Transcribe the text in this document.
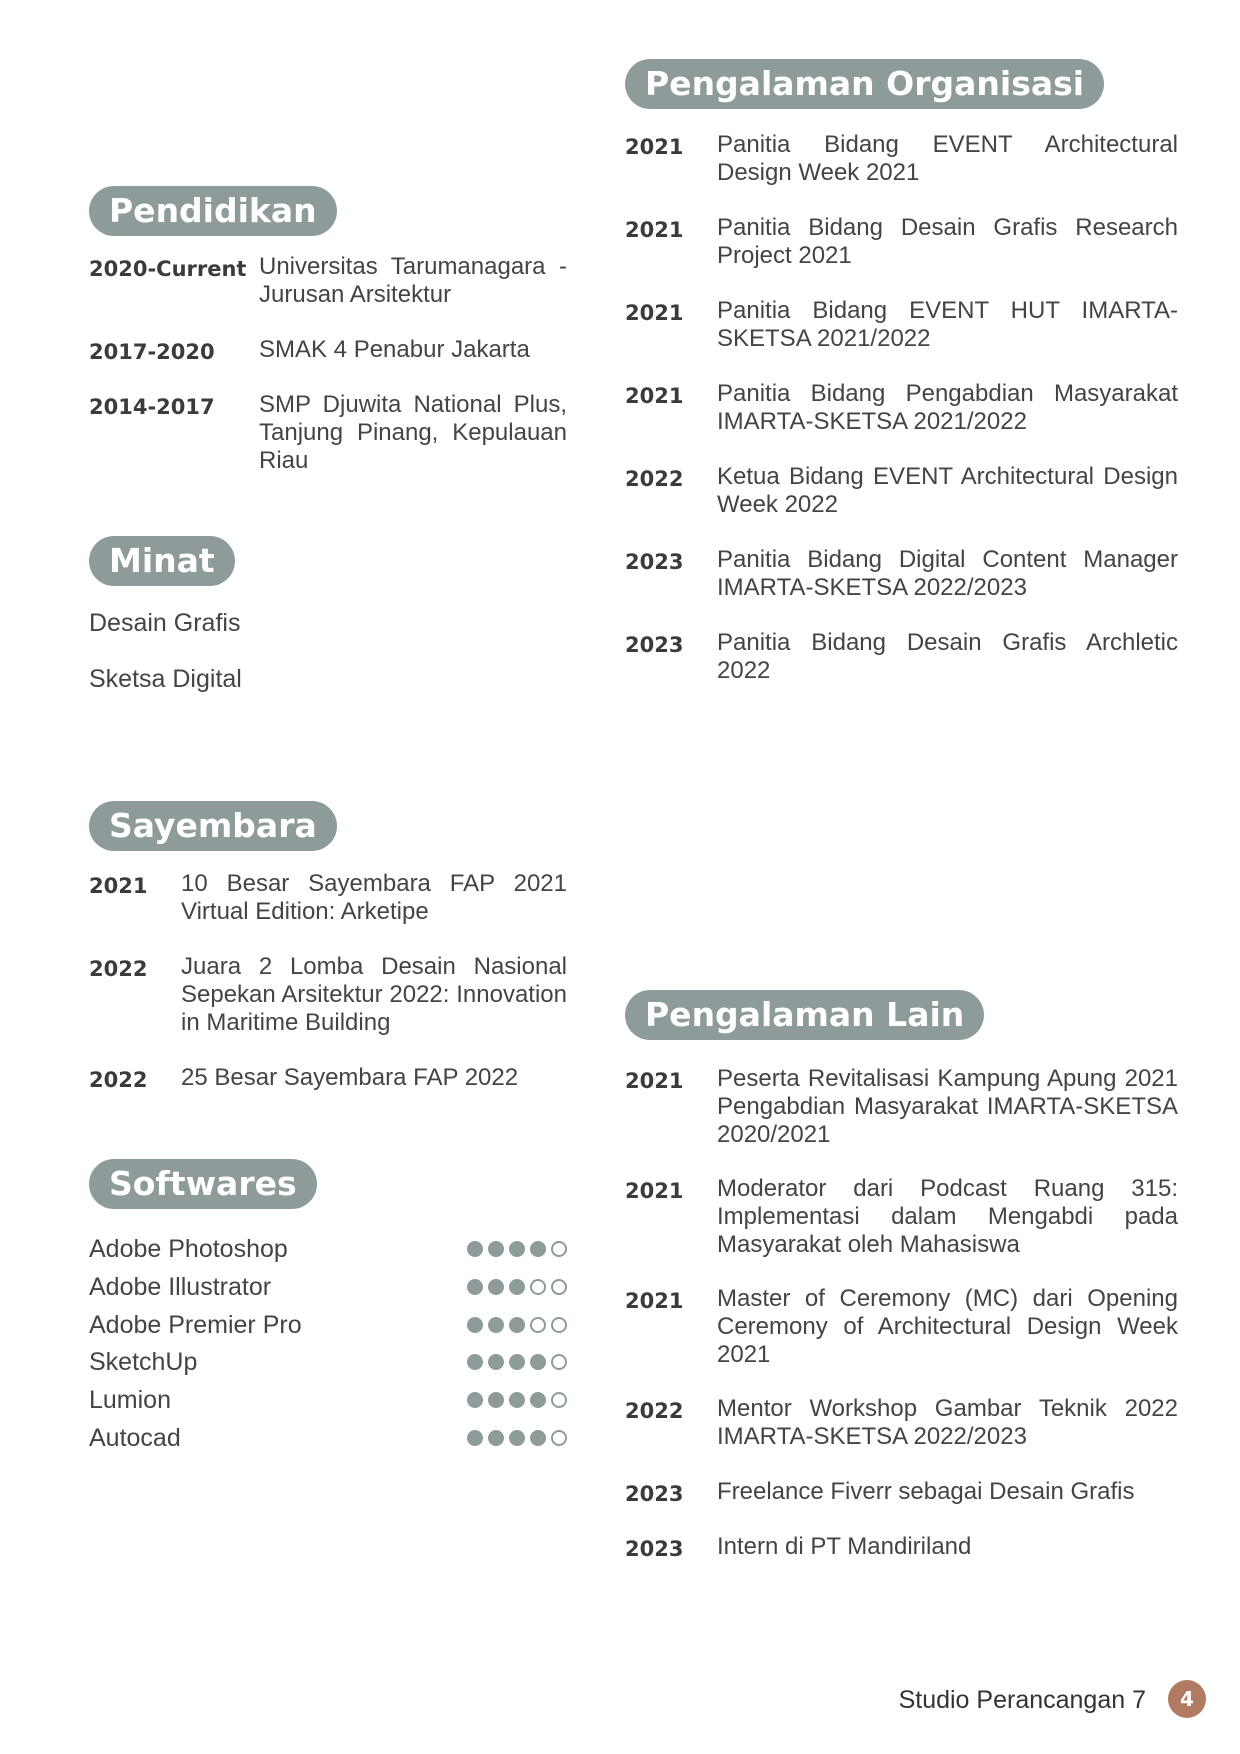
Pengalaman Organisasi
2021	Panitia Bidang EVENT Architectural Design Week 2021
2021	Panitia Bidang Desain Grafis Research Project 2021
2021	Panitia Bidang EVENT HUT IMARTA-SKETSA 2021/2022
2021	Panitia Bidang Pengabdian Masyarakat IMARTA-SKETSA 2021/2022
2022	Ketua Bidang EVENT Architectural Design Week 2022
2023	Panitia Bidang Digital Content Manager IMARTA-SKETSA 2022/2023
2023	Panitia Bidang Desain Grafis Archletic 2022
Pendidikan
2020-Current Universitas Tarumanagara - Jurusan Arsitektur
2017-2020	SMAK 4 Penabur Jakarta
2014-2017	SMP Djuwita National Plus, Tanjung Pinang, Kepulauan Riau
Minat
Desain Grafis
Sketsa Digital
Sayembara
2021	10 Besar Sayembara FAP 2021 Virtual Edition: Arketipe
2022	Juara 2 Lomba Desain Nasional Sepekan Arsitektur 2022: Innovation in Maritime Building
2022	25 Besar Sayembara FAP 2022
Softwares
Adobe Photoshop
Adobe Illustrator
Adobe Premier Pro
SketchUp
Lumion
Autocad
Pengalaman Lain
2021	Peserta Revitalisasi Kampung Apung 2021 Pengabdian Masyarakat IMARTA-SKETSA 2020/2021
2021	Moderator dari Podcast Ruang 315: Implementasi dalam Mengabdi pada Masyarakat oleh Mahasiswa
2021	Master of Ceremony (MC) dari Opening Ceremony of Architectural Design Week 2021
2022	Mentor Workshop Gambar Teknik 2022 IMARTA-SKETSA 2022/2023
2023	Freelance Fiverr sebagai Desain Grafis
2023	Intern di PT Mandiriland
Studio Perancangan 7	4
